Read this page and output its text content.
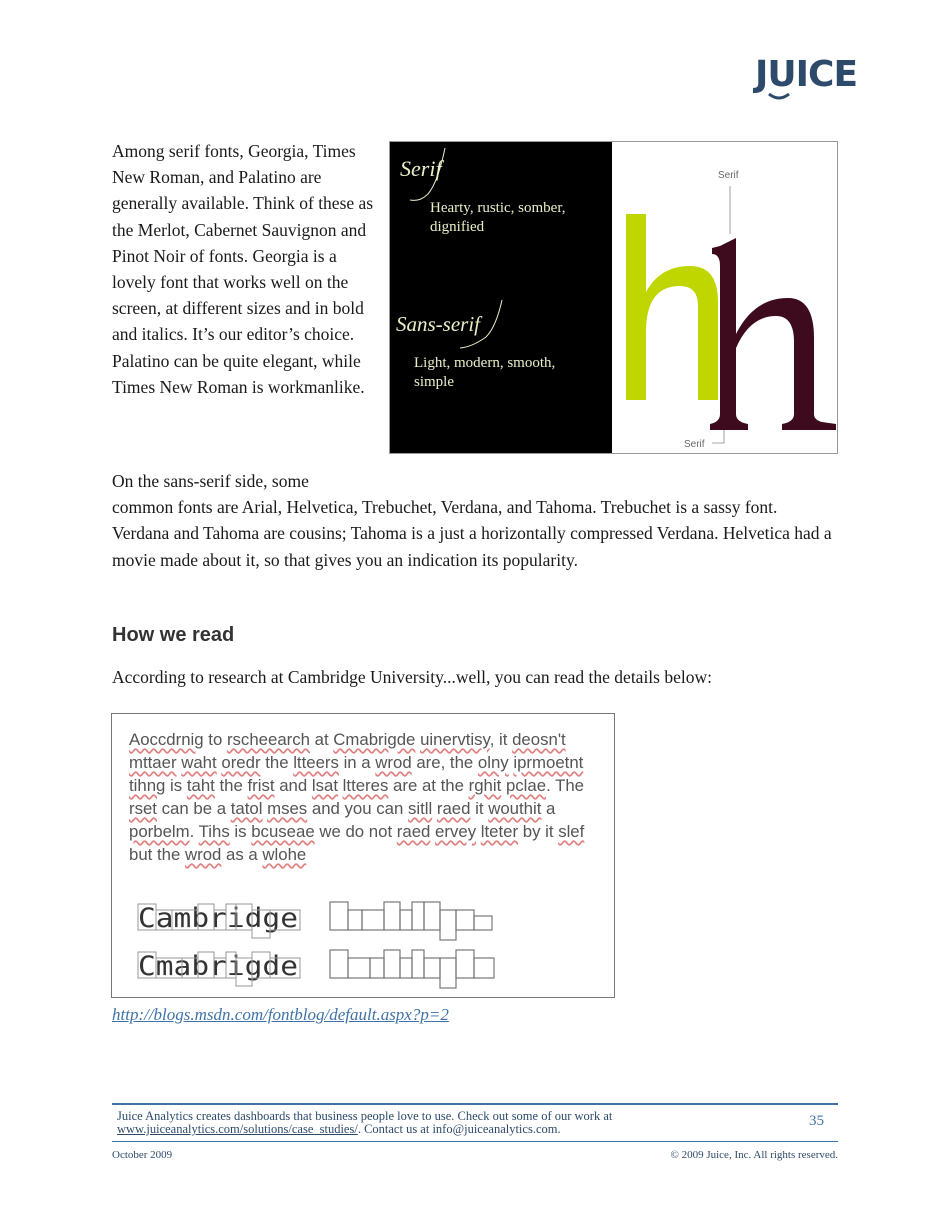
JUICE

Among serif fonts, Georgia, Times New Roman, and Palatino are generally available. Think of these as the Merlot, Cabernet Sauvignon and Pinot Noir of fonts. Georgia is a lovely font that works well on the screen, at different sizes and in bold and italics. It’s our editor’s choice. Palatino can be quite elegant, while Times New Roman is workmanlike.

Serif
Hearty, rustic, somber,
dignified
Sans-serif
Light, modern, smooth,
simple
Serif
Serif

On the sans-serif side, some
common fonts are Arial, Helvetica, Trebuchet, Verdana, and Tahoma. Trebuchet is a sassy font. Verdana and Tahoma are cousins; Tahoma is a just a horizontally compressed Verdana. Helvetica had a movie made about it, so that gives you an indication its popularity.

How we read

According to research at Cambridge University...well, you can read the details below:

Aoccdrnig to rscheearch at Cmabrigde uinervtisy, it deosn't mttaer waht oredr the ltteers in a wrod are, the olny iprmoetnt tihng is taht the frist and lsat ltteres are at the rghit pclae. The rset can be a tatol mses and you can sitll raed it wouthit a porbelm. Tihs is bcuseae we do not raed ervey lteter by it slef but the wrod as a wlohe
Cambridge
Cmabrigde
http://blogs.msdn.com/fontblog/default.aspx?p=2
Juice Analytics creates dashboards that business people love to use. Check out some of our work at
www.juiceanalytics.com/solutions/case_studies/. Contact us at info@juiceanalytics.com.	35
October 2009	© 2009 Juice, Inc. All rights reserved.
